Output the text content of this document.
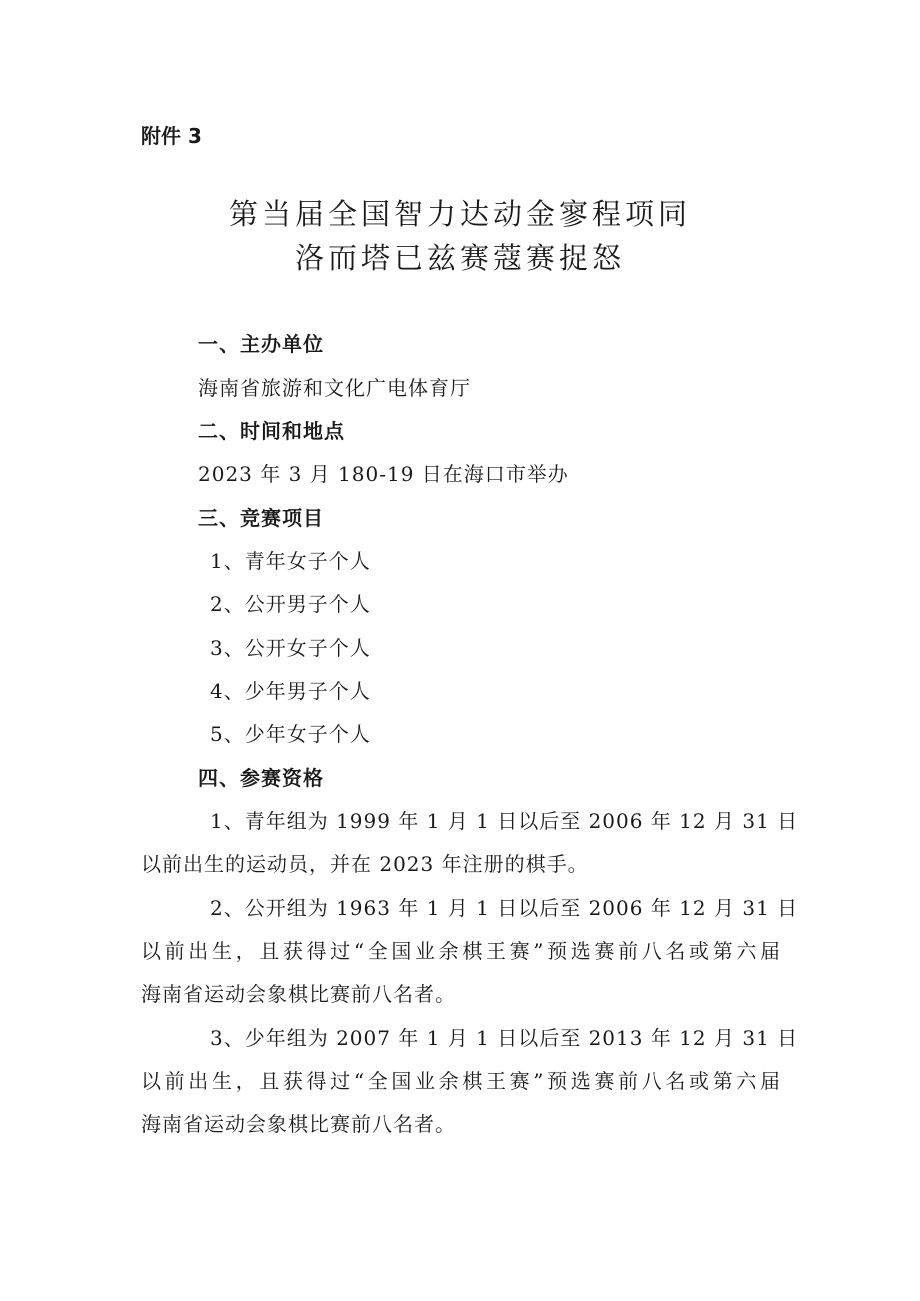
附件 3
第当届全国智力达动金寥程项同
洛而塔已兹赛蔻赛捉怒
一、主办单位
海南省旅游和文化广电体育厅
二、时间和地点
2023 年 3 月 180-19 日在海口市举办
三、竞赛项目
1、青年女子个人
2、公开男子个人
3、公开女子个人
4、少年男子个人
5、少年女子个人
四、参赛资格
1、青年组为 1999 年 1 月 1 日以后至 2006 年 12 月 31 日
以前出生的运动员，并在 2023 年注册的棋手。
2、公开组为 1963 年 1 月 1 日以后至 2006 年 12 月 31 日
以前出生，且获得过“全国业余棋王赛”预选赛前八名或第六届
海南省运动会象棋比赛前八名者。
3、少年组为 2007 年 1 月 1 日以后至 2013 年 12 月 31 日
以前出生，且获得过“全国业余棋王赛”预选赛前八名或第六届
海南省运动会象棋比赛前八名者。
